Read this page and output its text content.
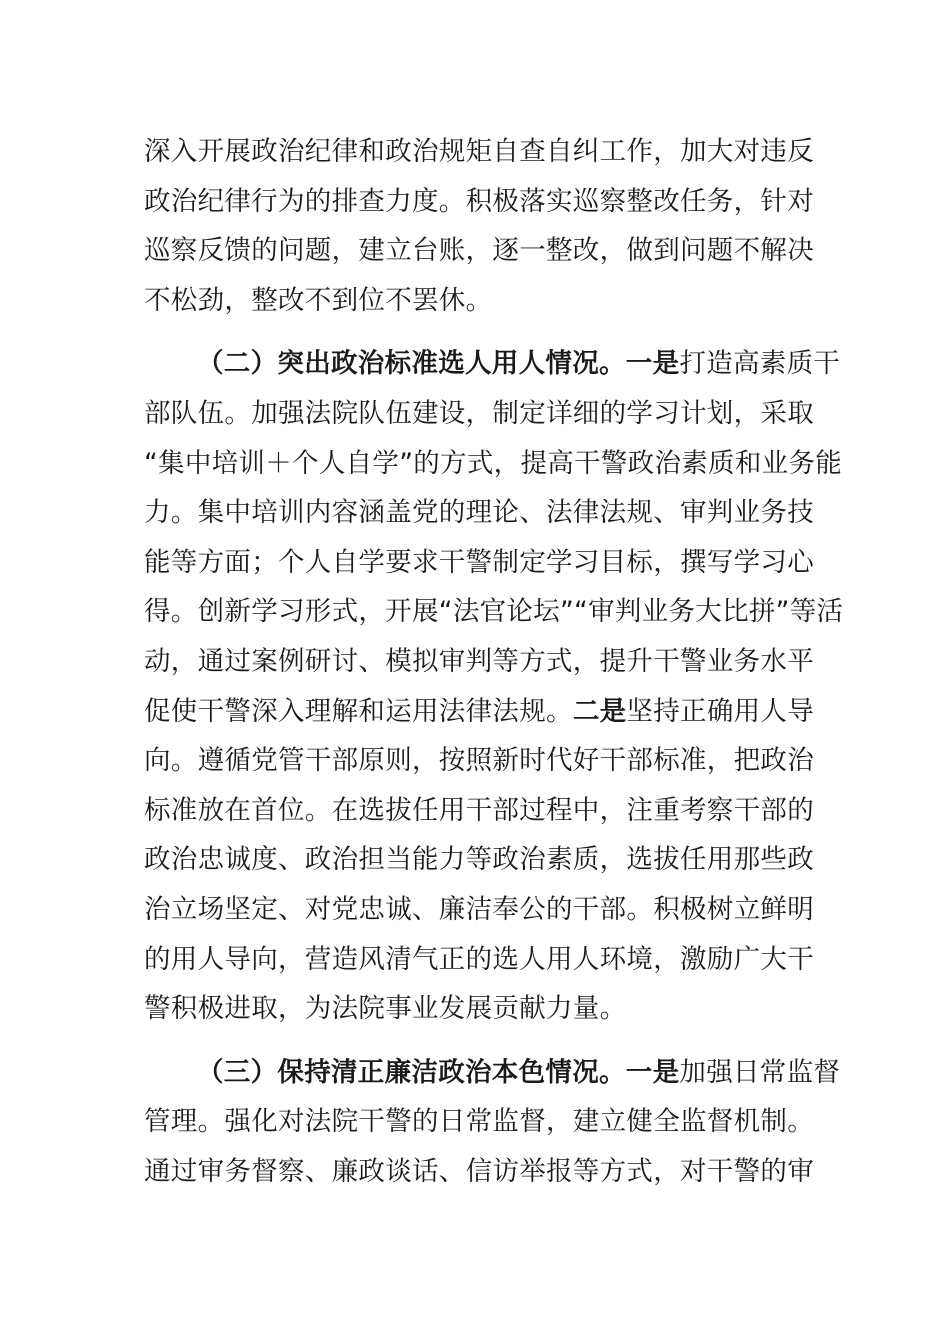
深入开展政治纪律和政治规矩自查自纠工作，加大对违反
政治纪律行为的排查力度。积极落实巡察整改任务，针对
巡察反馈的问题，建立台账，逐一整改，做到问题不解决
不松劲，整改不到位不罢休。
（二）突出政治标准选人用人情况。一是打造高素质干
部队伍。加强法院队伍建设，制定详细的学习计划，采取
“集中培训＋个人自学”的方式，提高干警政治素质和业务能
力。集中培训内容涵盖党的理论、法律法规、审判业务技
能等方面；个人自学要求干警制定学习目标，撰写学习心
得。创新学习形式，开展“法官论坛”“审判业务大比拼”等活
动，通过案例研讨、模拟审判等方式，提升干警业务水平
促使干警深入理解和运用法律法规。二是坚持正确用人导
向。遵循党管干部原则，按照新时代好干部标准，把政治
标准放在首位。在选拔任用干部过程中，注重考察干部的
政治忠诚度、政治担当能力等政治素质，选拔任用那些政
治立场坚定、对党忠诚、廉洁奉公的干部。积极树立鲜明
的用人导向，营造风清气正的选人用人环境，激励广大干
警积极进取，为法院事业发展贡献力量。
（三）保持清正廉洁政治本色情况。一是加强日常监督
管理。强化对法院干警的日常监督，建立健全监督机制。
通过审务督察、廉政谈话、信访举报等方式，对干警的审
